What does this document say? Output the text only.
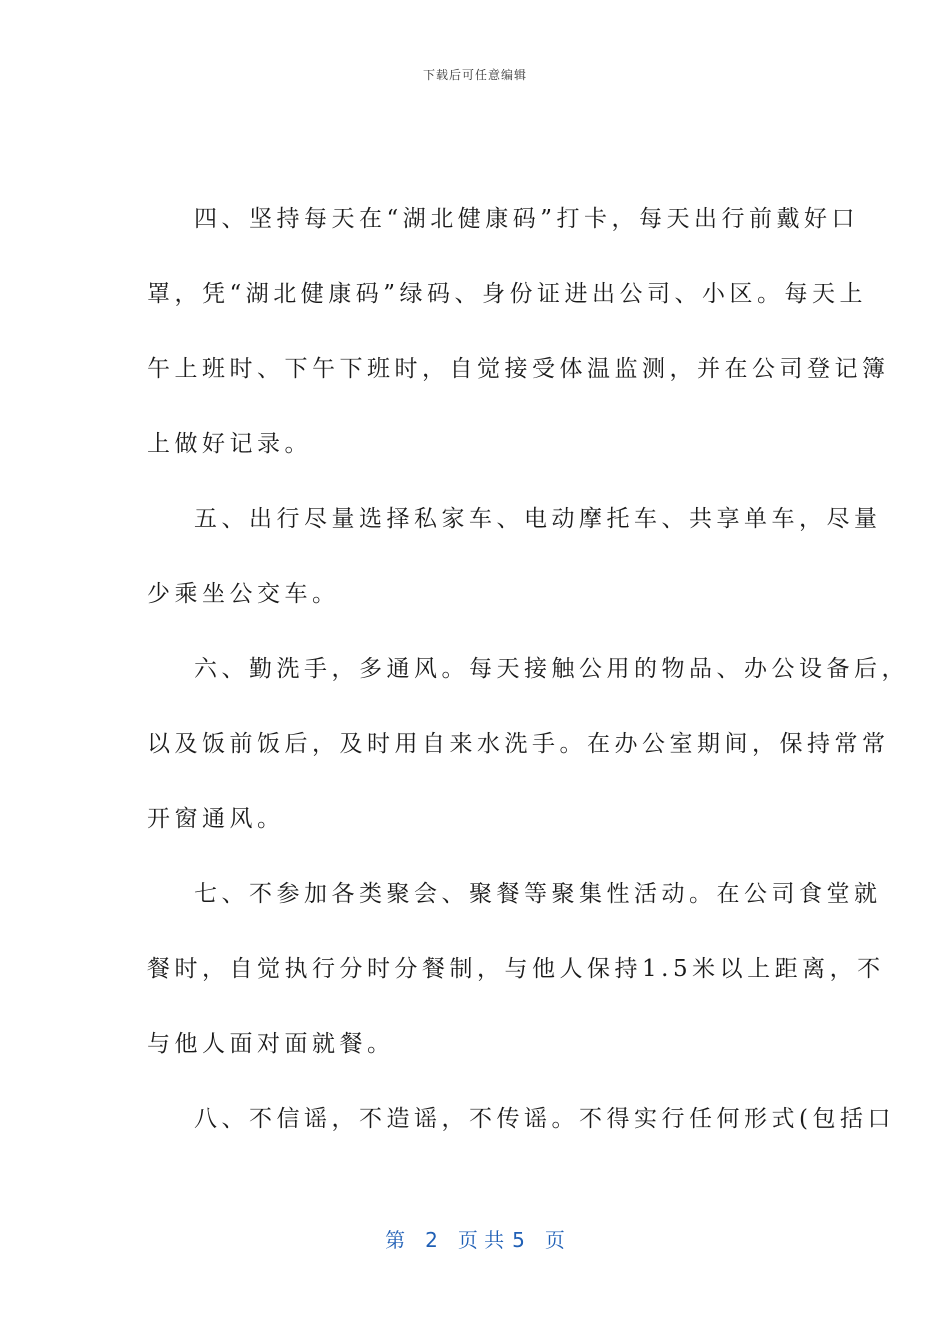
下载后可任意编辑
四、坚持每天在“湖北健康码”打卡，每天出行前戴好口
罩，凭“湖北健康码”绿码、身份证进出公司、小区。每天上
午上班时、下午下班时，自觉接受体温监测，并在公司登记簿
上做好记录。
五、出行尽量选择私家车、电动摩托车、共享单车，尽量
少乘坐公交车。
六、勤洗手，多通风。每天接触公用的物品、办公设备后，
以及饭前饭后，及时用自来水洗手。在办公室期间，保持常常
开窗通风。
七、不参加各类聚会、聚餐等聚集性活动。在公司食堂就
餐时，自觉执行分时分餐制，与他人保持1.5米以上距离，不
与他人面对面就餐。
八、不信谣，不造谣，不传谣。不得实行任何形式(包括口
第 2 页 共 5 页
